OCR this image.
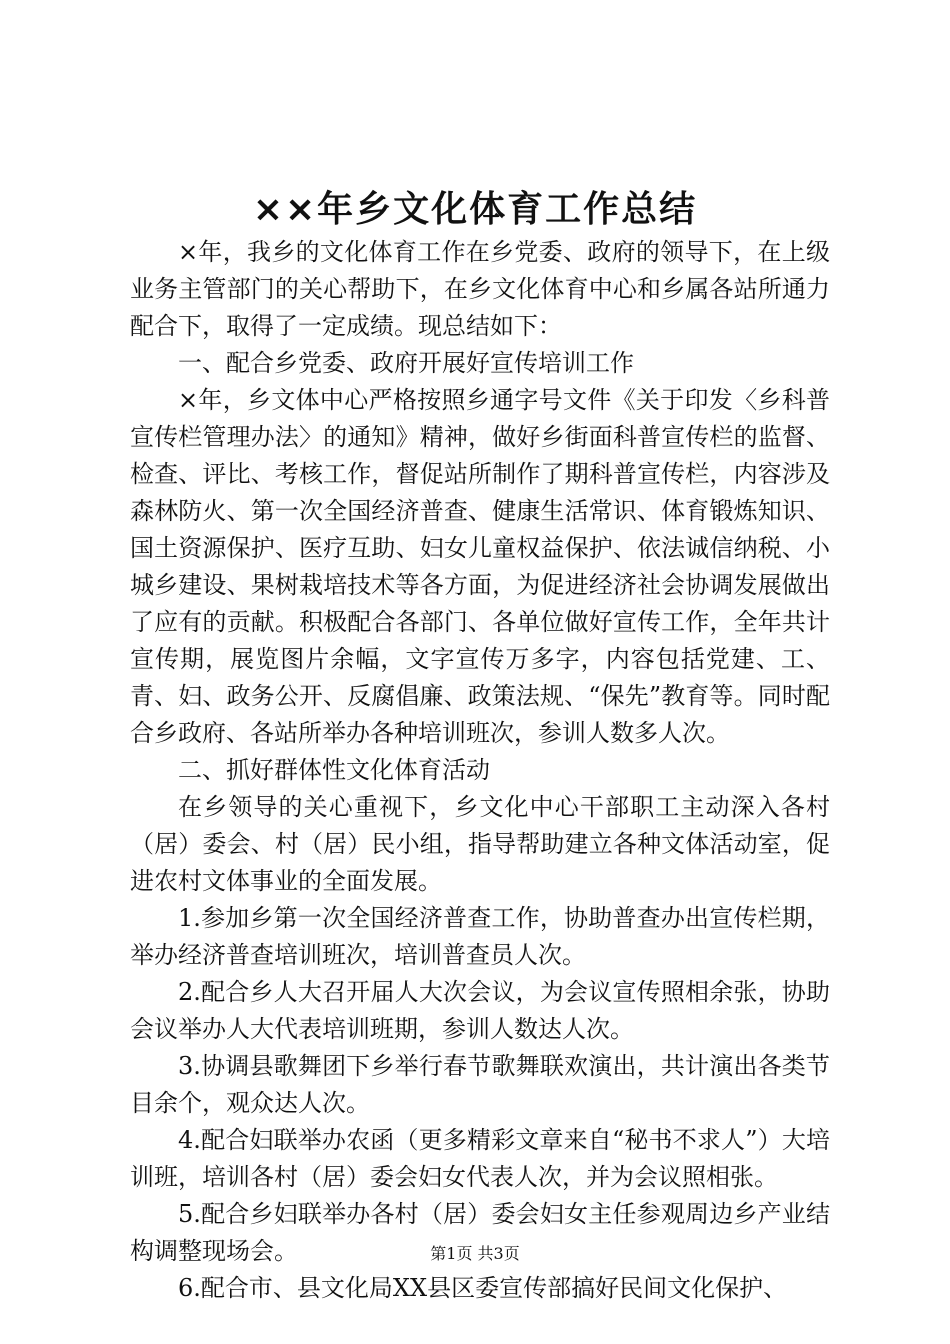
××年乡文化体育工作总结

×年，我乡的文化体育工作在乡党委、政府的领导下，在上级业务主管部门的关心帮助下，在乡文化体育中心和乡属各站所通力配合下，取得了一定成绩。现总结如下：

一、配合乡党委、政府开展好宣传培训工作

×年，乡文体中心严格按照乡通字号文件《关于印发〈乡科普宣传栏管理办法〉的通知》精神，做好乡街面科普宣传栏的监督、检查、评比、考核工作，督促站所制作了期科普宣传栏，内容涉及森林防火、第一次全国经济普查、健康生活常识、体育锻炼知识、国土资源保护、医疗互助、妇女儿童权益保护、依法诚信纳税、小城乡建设、果树栽培技术等各方面，为促进经济社会协调发展做出了应有的贡献。积极配合各部门、各单位做好宣传工作，全年共计宣传期，展览图片余幅，文字宣传万多字，内容包括党建、工、青、妇、政务公开、反腐倡廉、政策法规、“保先”教育等。同时配合乡政府、各站所举办各种培训班次，参训人数多人次。

二、抓好群体性文化体育活动

在乡领导的关心重视下，乡文化中心干部职工主动深入各村（居）委会、村（居）民小组，指导帮助建立各种文体活动室，促进农村文体事业的全面发展。

1.参加乡第一次全国经济普查工作，协助普查办出宣传栏期，举办经济普查培训班次，培训普查员人次。

2.配合乡人大召开届人大次会议，为会议宣传照相余张，协助会议举办人大代表培训班期，参训人数达人次。

3.协调县歌舞团下乡举行春节歌舞联欢演出，共计演出各类节目余个，观众达人次。

4.配合妇联举办农函（更多精彩文章来自“秘书不求人”）大培训班，培训各村（居）委会妇女代表人次，并为会议照相张。

5.配合乡妇联举办各村（居）委会妇女主任参观周边乡产业结构调整现场会。

6.配合市、县文化局XX县区委宣传部搞好民间文化保护、

第1页 共3页
